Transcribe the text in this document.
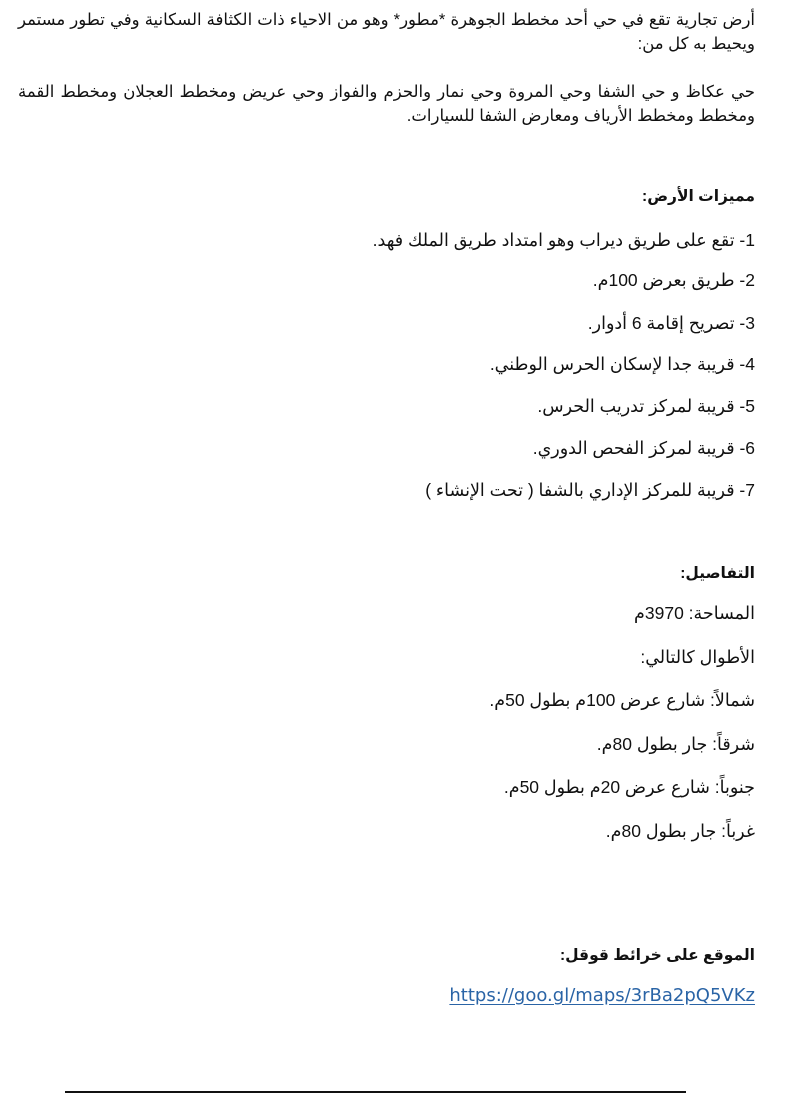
أرض تجارية تقع في حي أحد مخطط الجوهرة *مطور* وهو من الاحياء ذات الكثافة السكانية وفي تطور مستمر ويحيط به كل من:

حي عكاظ و حي الشفا وحي المروة وحي نمار والحزم والفواز وحي عريض ومخطط العجلان ومخطط القمة ومخطط ومخطط الأرياف ومعارض الشفا للسيارات.

مميزات الأرض:

1- تقع على طريق ديراب وهو امتداد طريق الملك فهد.

2- طريق بعرض 100م.

3- تصريح إقامة 6 أدوار.

4- قريبة جدا لإسكان الحرس الوطني.

5- قريبة لمركز تدريب الحرس.

6- قريبة لمركز الفحص الدوري.

7- قريبة للمركز الإداري بالشفا ( تحت الإنشاء )

التفاصيل:

المساحة: 3970م

الأطوال كالتالي:

شمالاً: شارع عرض 100م بطول 50م.

شرقاً: جار بطول 80م.

جنوباً: شارع عرض 20م بطول 50م.

غرباً: جار بطول 80م.

الموقع على خرائط قوقل:

https://goo.gl/maps/3rBa2pQ5VKz
